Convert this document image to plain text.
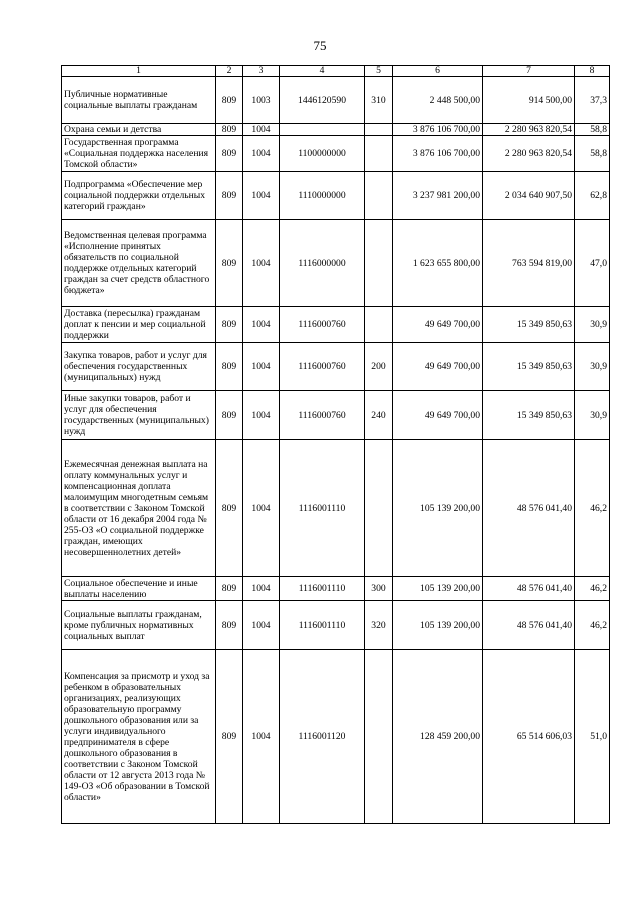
75
1	2	3	4	5	6	7	8
Публичные нормативные социальные выплаты гражданам	809	1003	1446120590	310	2 448 500,00	914 500,00	37,3
Охрана семьи и детства	809	1004			3 876 106 700,00	2 280 963 820,54	58,8
Государственная программа «Социальная поддержка населения Томской области»	809	1004	1100000000		3 876 106 700,00	2 280 963 820,54	58,8
Подпрограмма «Обеспечение мер социальной поддержки отдельных категорий граждан»	809	1004	1110000000		3 237 981 200,00	2 034 640 907,50	62,8
Ведомственная целевая программа «Исполнение принятых обязательств по социальной поддержке отдельных категорий граждан за счет средств областного бюджета»	809	1004	1116000000		1 623 655 800,00	763 594 819,00	47,0
Доставка (пересылка) гражданам доплат к пенсии и мер социальной поддержки	809	1004	1116000760		49 649 700,00	15 349 850,63	30,9
Закупка товаров, работ и услуг для обеспечения государственных (муниципальных) нужд	809	1004	1116000760	200	49 649 700,00	15 349 850,63	30,9
Иные закупки товаров, работ и услуг для обеспечения государственных (муниципальных) нужд	809	1004	1116000760	240	49 649 700,00	15 349 850,63	30,9
Ежемесячная денежная выплата на оплату коммунальных услуг и компенсационная доплата малоимущим многодетным семьям в соответствии с Законом Томской области от 16 декабря 2004 года № 255-ОЗ «О социальной поддержке граждан, имеющих несовершеннолетних детей»	809	1004	1116001110		105 139 200,00	48 576 041,40	46,2
Социальное обеспечение и иные выплаты населению	809	1004	1116001110	300	105 139 200,00	48 576 041,40	46,2
Социальные выплаты гражданам, кроме публичных нормативных социальных выплат	809	1004	1116001110	320	105 139 200,00	48 576 041,40	46,2
Компенсация за присмотр и уход за ребенком в образовательных организациях, реализующих образовательную программу дошкольного образования или за услуги индивидуального предпринимателя в сфере дошкольного образования в соответствии с Законом Томской области от 12 августа 2013 года № 149-ОЗ «Об образовании в Томской области»	809	1004	1116001120		128 459 200,00	65 514 606,03	51,0
